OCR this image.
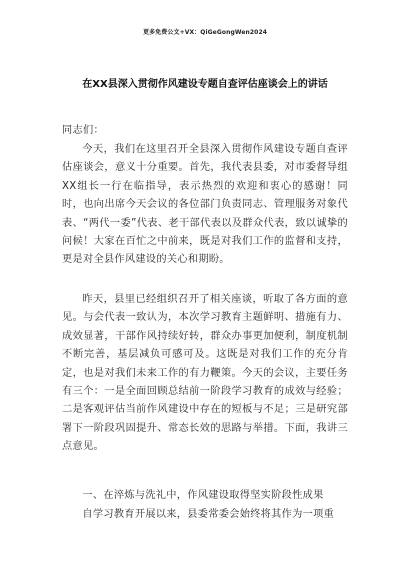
更多免费公文+VX：QiGeGongWen2024
在XX县深入贯彻作风建设专题自查评估座谈会上的讲话

同志们：

今天，我们在这里召开全县深入贯彻作风建设专题自查评估座谈会，意义十分重要。首先，我代表县委，对市委督导组XX组长一行在临指导，表示热烈的欢迎和衷心的感谢！同时，也向出席今天会议的各位部门负责同志、管理服务对象代表、“两代一委”代表、老干部代表以及群众代表，致以诚挚的问候！大家在百忙之中前来，既是对我们工作的监督和支持，更是对全县作风建设的关心和期盼。

昨天，县里已经组织召开了相关座谈，听取了各方面的意见。与会代表一致认为，本次学习教育主题鲜明、措施有力、成效显著，干部作风持续好转，群众办事更加便利，制度机制不断完善，基层减负可感可及。这既是对我们工作的充分肯定，也是对我们未来工作的有力鞭策。今天的会议，主要任务有三个：一是全面回顾总结前一阶段学习教育的成效与经验；二是客观评估当前作风建设中存在的短板与不足；三是研究部署下一阶段巩固提升、常态长效的思路与举措。下面，我讲三点意见。

一、在淬炼与洗礼中，作风建设取得坚实阶段性成果

自学习教育开展以来，县委常委会始终将其作为一项重
